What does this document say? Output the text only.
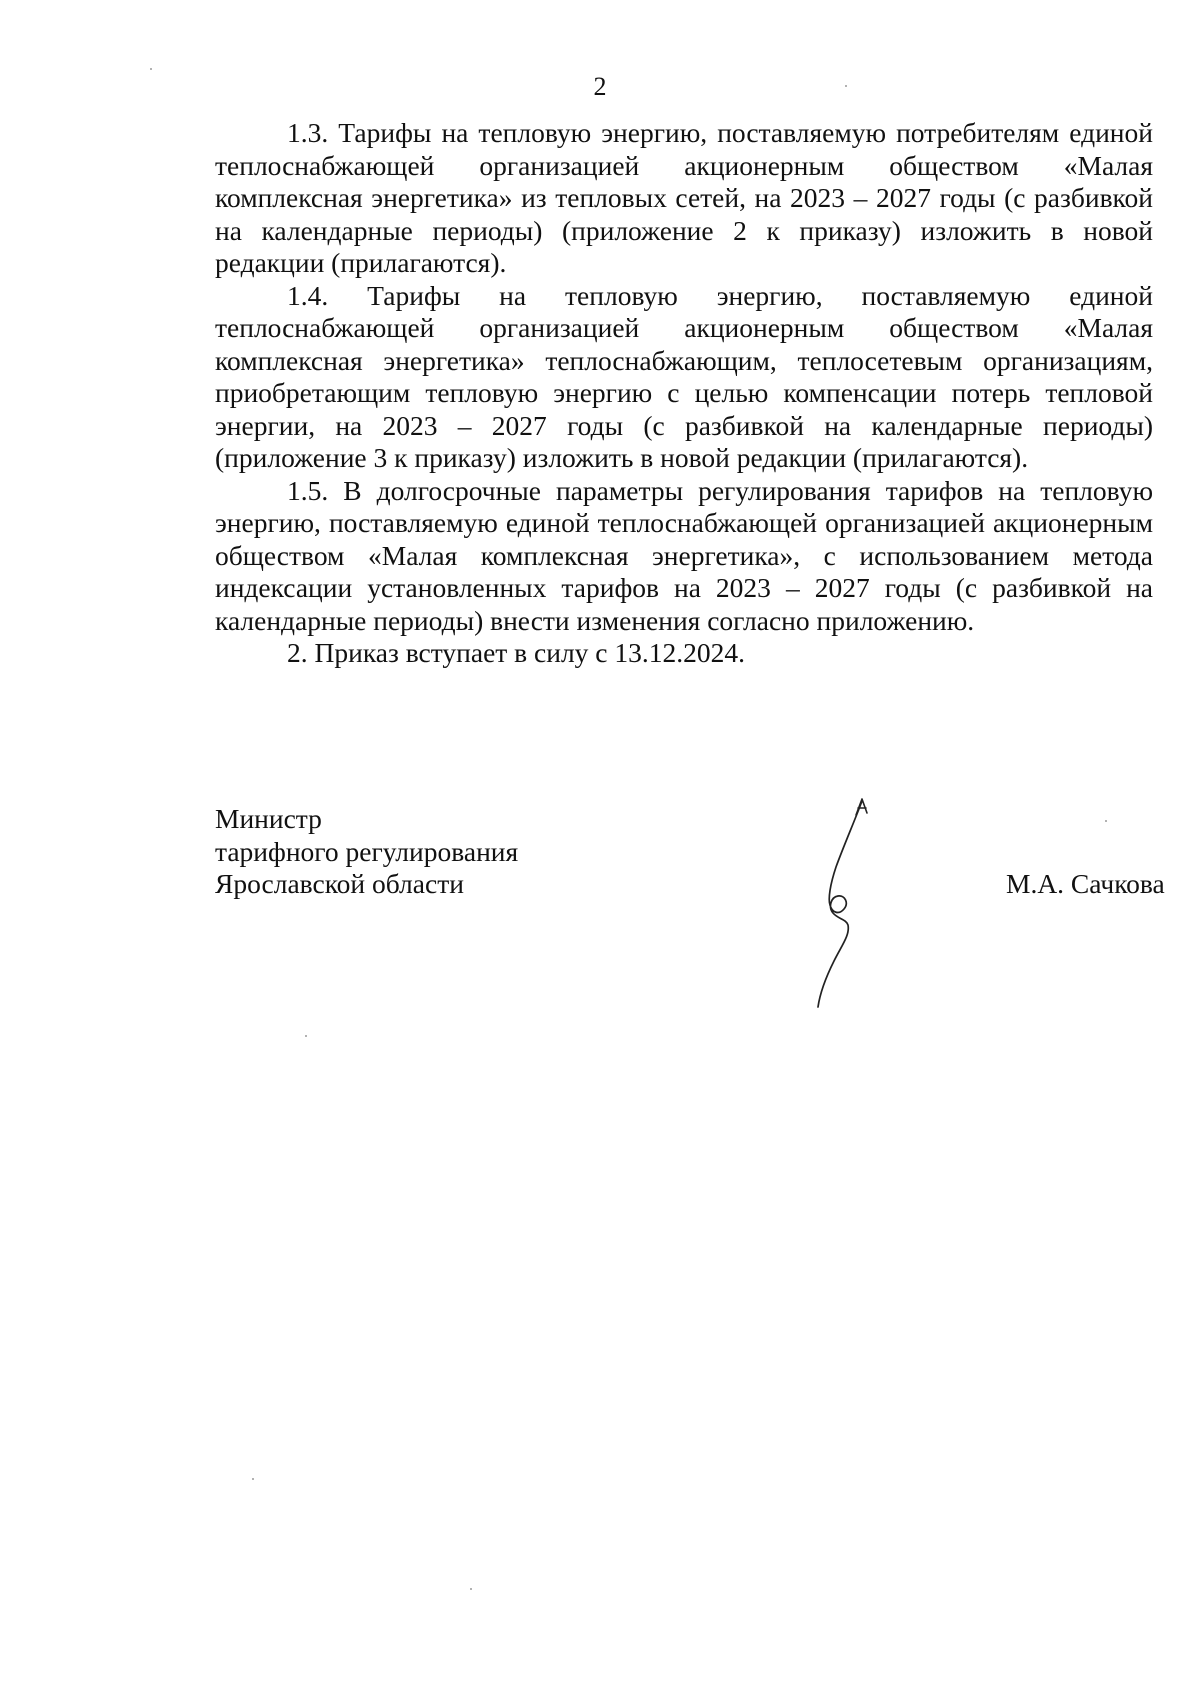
2

1.3. Тарифы на тепловую энергию, поставляемую потребителям единой теплоснабжающей организацией акционерным обществом «Малая комплексная энергетика» из тепловых сетей, на 2023 – 2027 годы (с разбивкой на календарные периоды) (приложение 2 к приказу) изложить в новой редакции (прилагаются).

1.4. Тарифы на тепловую энергию, поставляемую единой теплоснабжающей организацией акционерным обществом «Малая комплексная энергетика» теплоснабжающим, теплосетевым организациям, приобретающим тепловую энергию с целью компенсации потерь тепловой энергии, на 2023 – 2027 годы (с разбивкой на календарные периоды) (приложение 3 к приказу) изложить в новой редакции (прилагаются).

1.5. В долгосрочные параметры регулирования тарифов на тепловую энергию, поставляемую единой теплоснабжающей организацией акционерным обществом «Малая комплексная энергетика», с использованием метода индексации установленных тарифов на 2023 – 2027 годы (с разбивкой на календарные периоды) внести изменения согласно приложению.

2. Приказ вступает в силу с 13.12.2024.

Министр
тарифного регулирования
Ярославской области	М.А. Сачкова
